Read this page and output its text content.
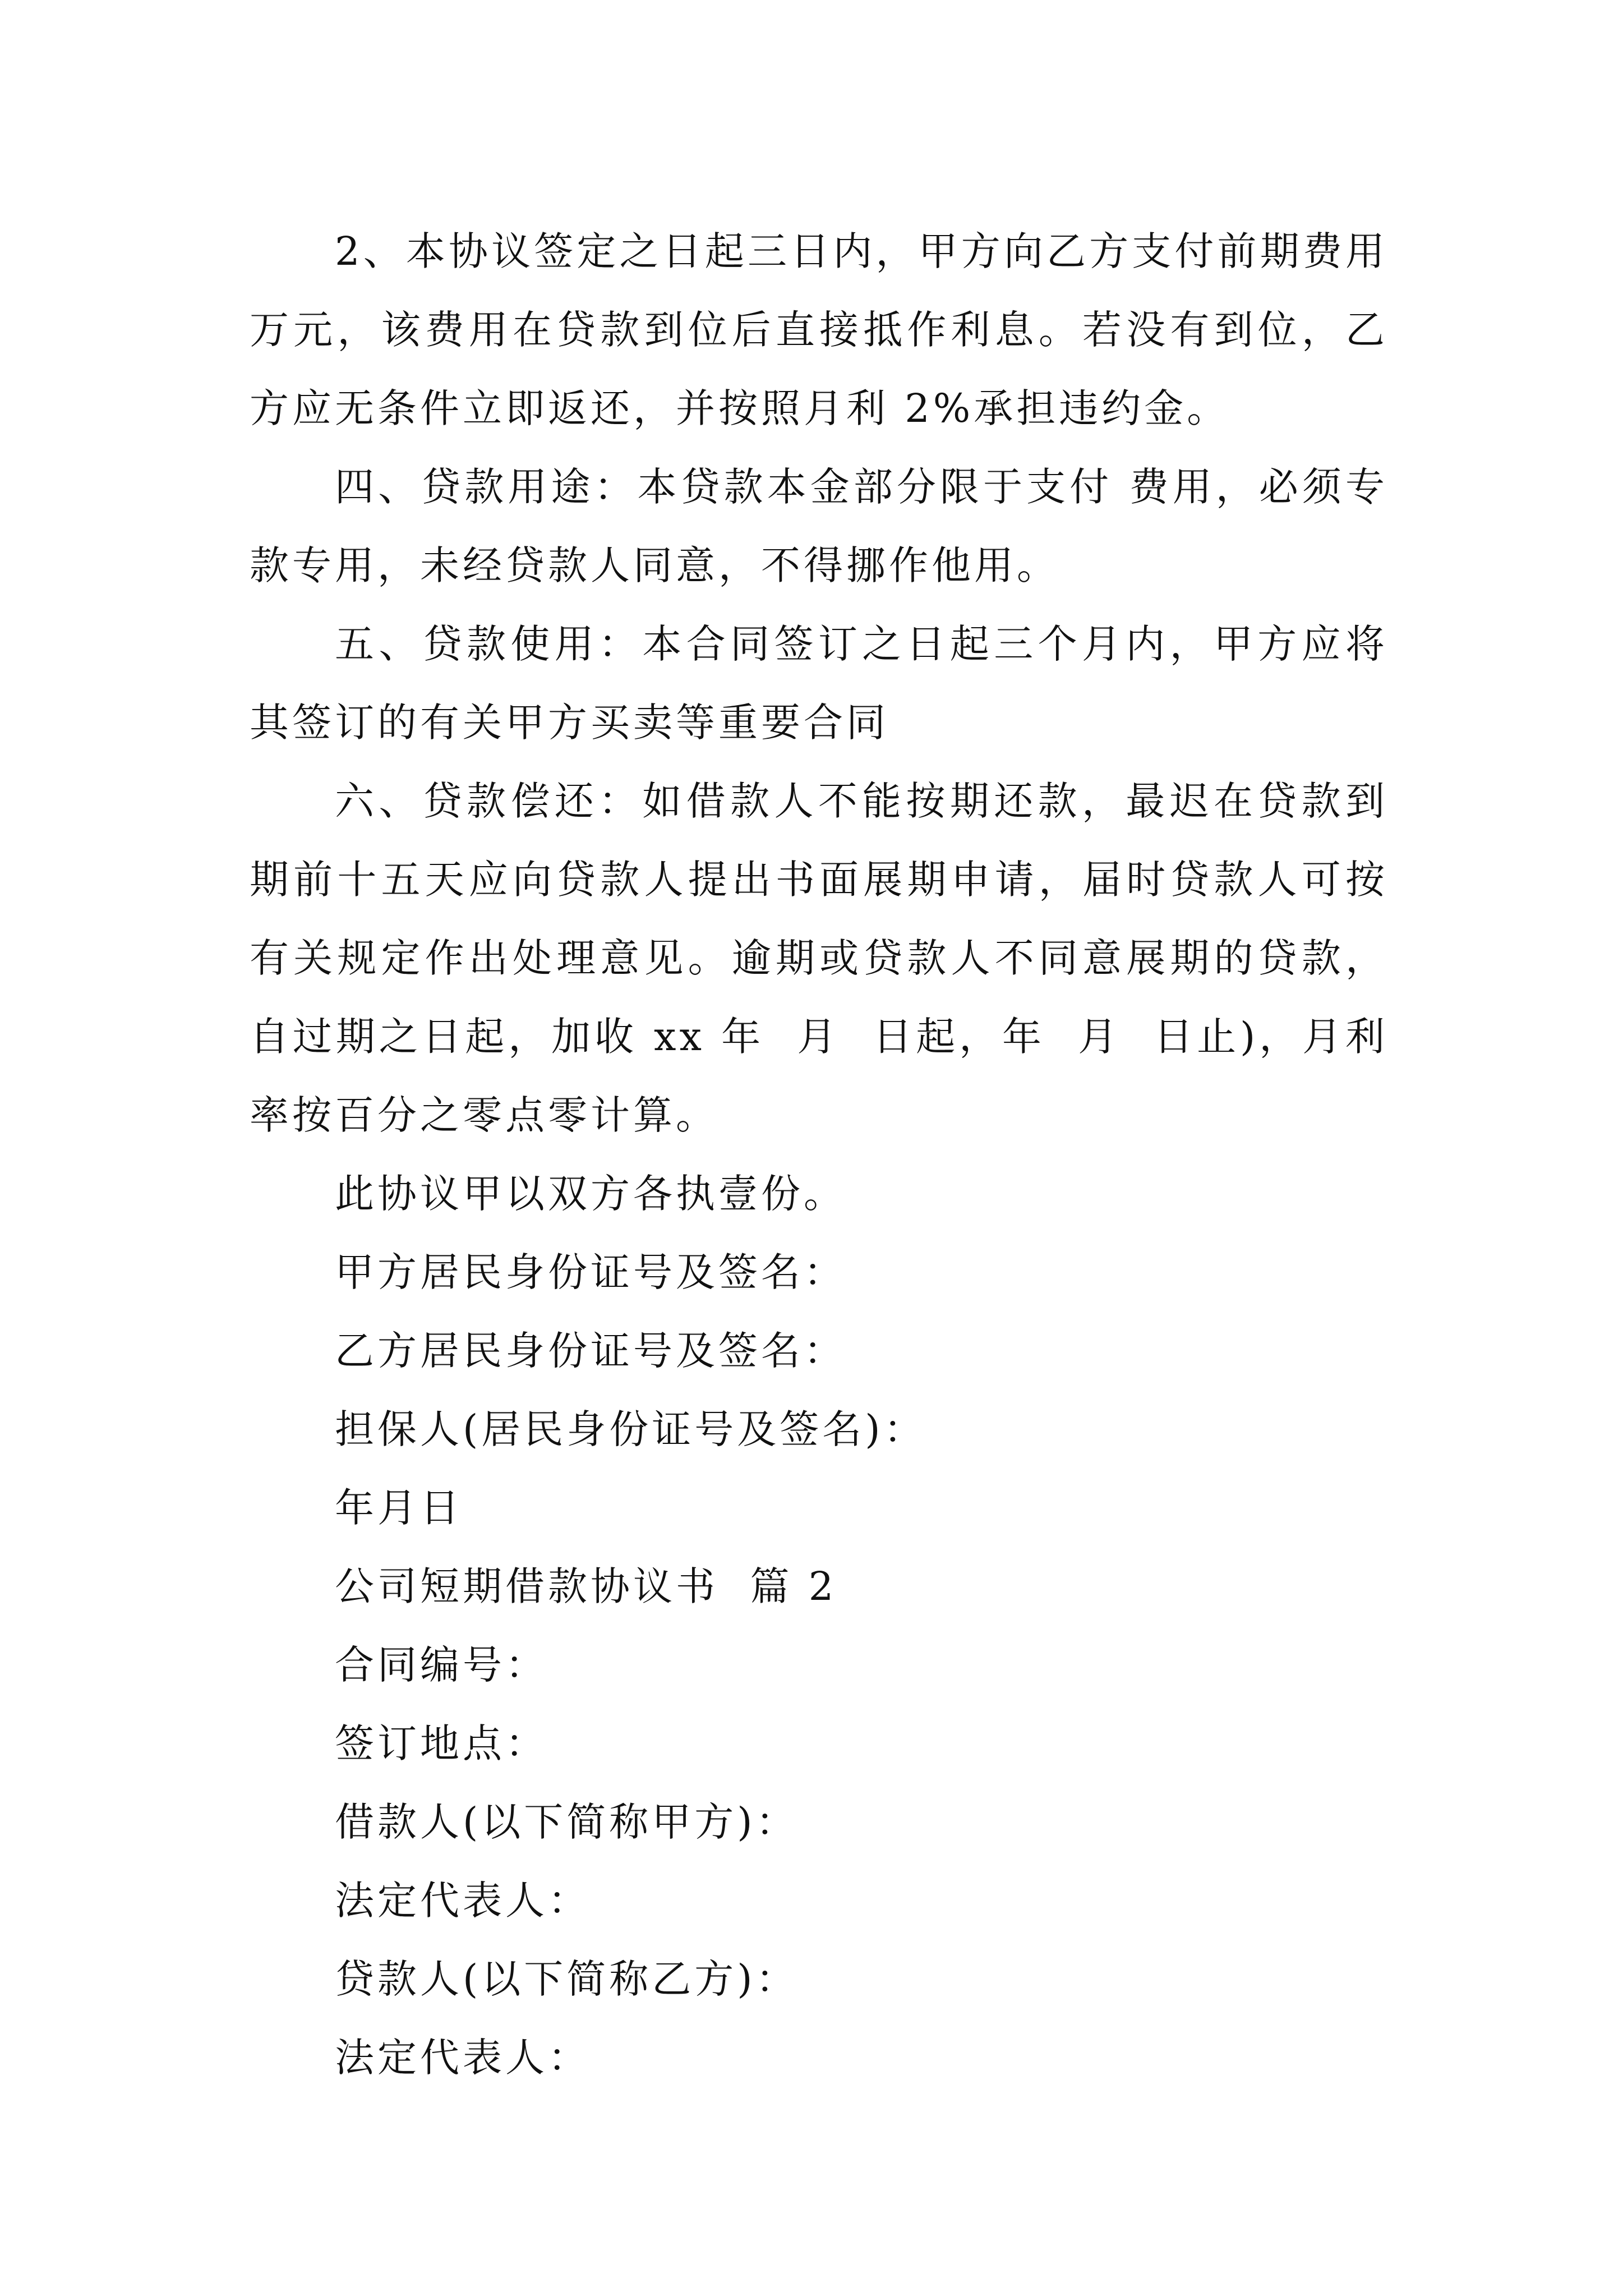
2、本协议签定之日起三日内，甲方向乙方支付前期费用    万元，该费用在贷款到位后直接抵作利息。若没有到位，乙方应无条件立即返还，并按照月利 2%承担违约金。

四、贷款用途：本贷款本金部分限于支付 费用，必须专款专用，未经贷款人同意，不得挪作他用。

五、贷款使用：本合同签订之日起三个月内，甲方应将其签订的有关甲方买卖等重要合同

六、贷款偿还：如借款人不能按期还款，最迟在贷款到期前十五天应向贷款人提出书面展期申请，届时贷款人可按有关规定作出处理意见。逾期或贷款人不同意展期的贷款，自过期之日起，加收 xx 年  月  日起，年  月  日止)，月利率按百分之零点零计算。

此协议甲以双方各执壹份。
甲方居民身份证号及签名：
乙方居民身份证号及签名：
担保人(居民身份证号及签名)：
年月日
公司短期借款协议书  篇 2
合同编号：
签订地点：
借款人(以下简称甲方)：
法定代表人：
贷款人(以下简称乙方)：
法定代表人：
